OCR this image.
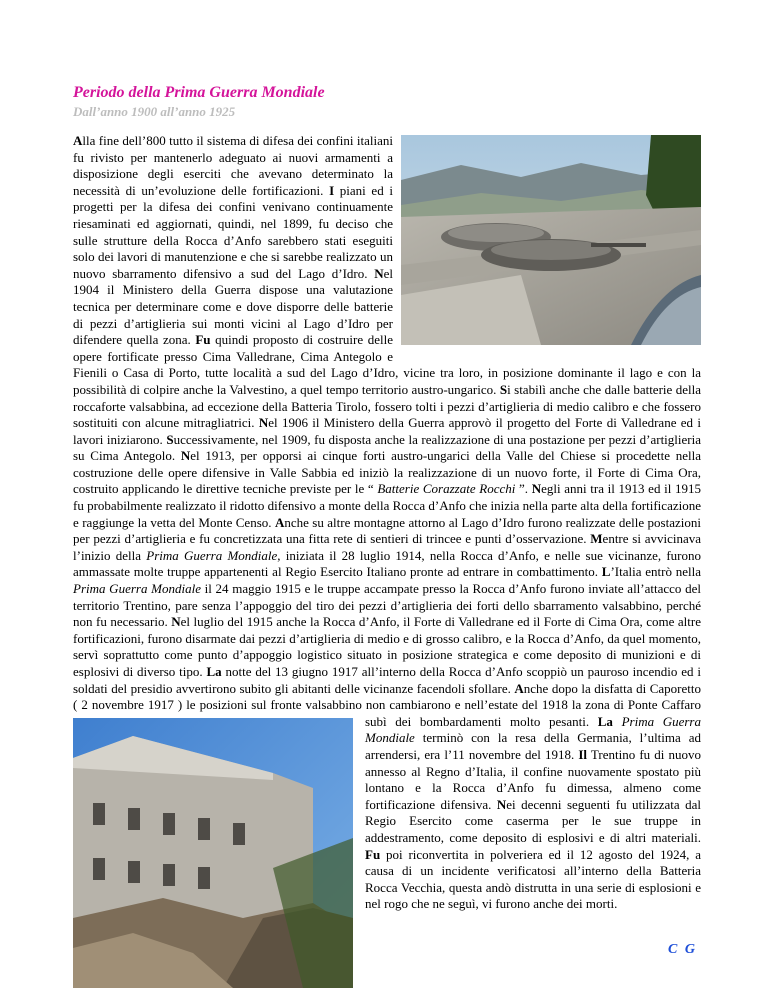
Periodo della Prima Guerra Mondiale
Dall’anno 1900 all’anno 1925

Alla fine dell’800 tutto il sistema di difesa dei confini italiani fu rivisto per mantenerlo adeguato ai nuovi armamenti a disposizione degli eserciti che avevano determinato la necessità di un’evoluzione delle fortificazioni. I piani ed i progetti per la difesa dei confini venivano continuamente riesaminati ed aggiornati, quindi, nel 1899, fu deciso che sulle strutture della Rocca d’Anfo sarebbero stati eseguiti solo dei lavori di manutenzione e che si sarebbe realizzato un nuovo sbarramento difensivo a sud del Lago d’Idro. Nel 1904 il Ministero della Guerra dispose una valutazione tecnica per determinare come e dove disporre delle batterie di pezzi d’artiglieria sui monti vicini al Lago d’Idro per difendere quella zona. Fu quindi proposto di costruire delle opere fortificate presso Cima Valledrane, Cima Antegolo e Fienili o Casa di Porto, tutte località a sud del Lago d’Idro, vicine tra loro, in posizione dominante il lago e con la possibilità di colpire anche la Valvestino, a quel tempo territorio austro-ungarico. Si stabilì anche che dalle batterie della roccaforte valsabbina, ad eccezione della Batteria Tirolo, fossero tolti i pezzi d’artiglieria di medio calibro e che fossero sostituiti con alcune mitragliatrici. Nel 1906 il Ministero della Guerra approvò il progetto del Forte di Valledrane ed i lavori iniziarono. Successivamente, nel 1909, fu disposta anche la realizzazione di una postazione per pezzi d’artiglieria su Cima Antegolo. Nel 1913, per opporsi ai cinque forti austro-ungarici della Valle del Chiese si procedette nella costruzione delle opere difensive in Valle Sabbia ed iniziò la realizzazione di un nuovo forte, il Forte di Cima Ora, costruito applicando le direttive tecniche previste per le “ Batterie Corazzate Rocchi ”. Negli anni tra il 1913 ed il 1915 fu probabilmente realizzato il ridotto difensivo a monte della Rocca d’Anfo che inizia nella parte alta della fortificazione e raggiunge la vetta del Monte Censo. Anche su altre montagne attorno al Lago d’Idro furono realizzate delle postazioni per pezzi d’artiglieria e fu concretizzata una fitta rete di sentieri di trincee e punti d’osservazione. Mentre si avvicinava l’inizio della Prima Guerra Mondiale, iniziata il 28 luglio 1914, nella Rocca d’Anfo, e nelle sue vicinanze, furono ammassate molte truppe appartenenti al Regio Esercito Italiano pronte ad entrare in combattimento. L’Italia entrò nella Prima Guerra Mondiale il 24 maggio 1915 e le truppe accampate presso la Rocca d’Anfo furono inviate all’attacco del territorio Trentino, pare senza l’appoggio del tiro dei pezzi d’artiglieria dei forti dello sbarramento valsabbino, perché non fu necessario. Nel luglio del 1915 anche la Rocca d’Anfo, il Forte di Valledrane ed il Forte di Cima Ora, come altre fortificazioni, furono disarmate dai pezzi d’artiglieria di medio e di grosso calibro, e la Rocca d’Anfo, da quel momento, servì soprattutto come punto d’appoggio logistico situato in posizione strategica e come deposito di munizioni e di esplosivi di diverso tipo. La notte del 13 giugno 1917 all’interno della Rocca d’Anfo scoppiò un pauroso incendio ed i soldati del presidio avvertirono subito gli abitanti delle vicinanze facendoli sfollare. Anche dopo la disfatta di Caporetto ( 2 novembre 1917 ) le posizioni sul fronte valsabbino non cambiarono e nell’estate del 1918 la zona di Ponte Caffaro subì dei bombardamenti molto pesanti.
La Prima Guerra Mondiale terminò con la resa della Germania, l’ultima ad arrendersi, era l’11 novembre del 1918. Il Trentino fu di nuovo annesso al Regno d’Italia, il confine nuovamente spostato più lontano e la Rocca d’Anfo fu dimessa, almeno come fortificazione difensiva. Nei decenni seguenti fu utilizzata dal Regio Esercito come caserma per le sue truppe in addestramento, come deposito di esplosivi e di altri materiali. Fu poi riconvertita in polveriera ed il 12 agosto del 1924, a causa di un incidente verificatosi all’interno della Batteria Rocca Vecchia, questa andò distrutta in una serie di esplosioni e nel rogo che ne seguì, vi furono anche dei morti.

C G
